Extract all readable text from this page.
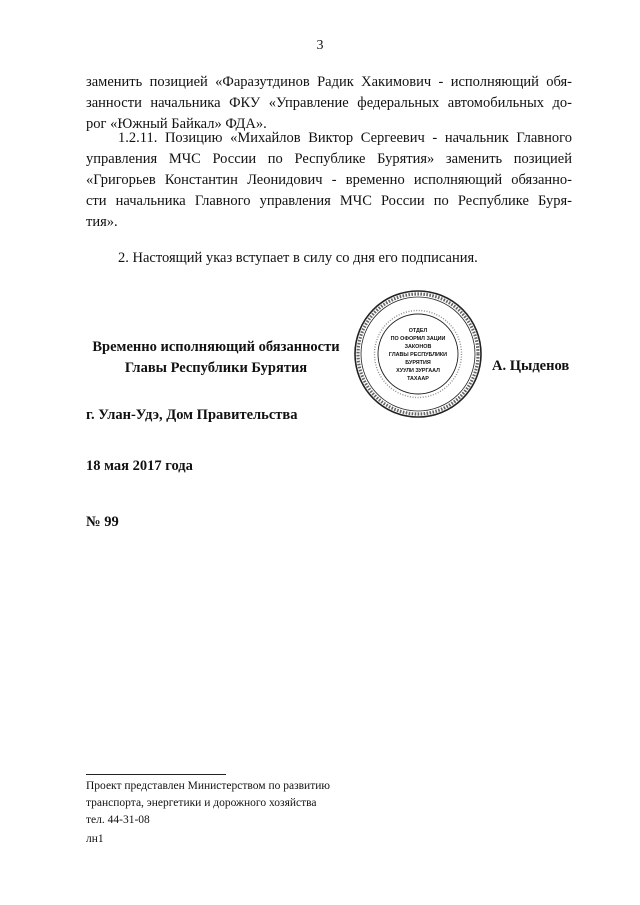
3

заменить позицией «Фаразутдинов Радик Хакимович - исполняющий обя-
занности начальника ФКУ «Управление федеральных автомобильных до-
рог «Южный Байкал» ФДА».

1.2.11. Позицию «Михайлов Виктор Сергеевич - начальник Главного
управления МЧС России по Республике Бурятия» заменить позицией
«Григорьев Константин Леонидович - временно исполняющий обязанно-
сти начальника Главного управления МЧС России по Республике Буря-
тия».

2. Настоящий указ вступает в силу со дня его подписания.

Временно исполняющий обязанности
Главы Республики Бурятия
ОТДЕЛ
ПО ОФОРМЛ ЗАЦИИ
ЗАКОНОВ
ГЛАВЫ РЕСПУБЛИКИ
БУРЯТИЯ
ХУУЛИ ЗУРГААЛ
ТАХААР
А. Цыденов
г. Улан-Удэ, Дом Правительства
18 мая 2017 года
№ 99
Проект представлен Министерством по развитию
транспорта, энергетики и дорожного хозяйства
тел. 44-31-08
лн1
